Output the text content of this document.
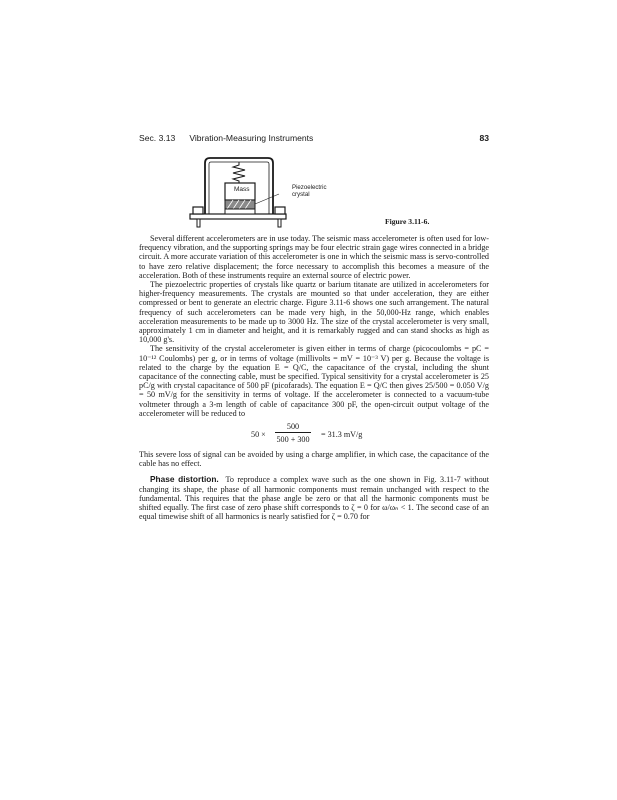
Sec. 3.13 Vibration-Measuring Instruments	83
Mass	Piezoelectric
crystal
Figure 3.11-6.

Several different accelerometers are in use today. The seismic mass accelerometer is often used for low-frequency vibration, and the supporting springs may be four electric strain gage wires connected in a bridge circuit. A more accurate variation of this accelerometer is one in which the seismic mass is servo-controlled to have zero relative displacement; the force necessary to accomplish this becomes a measure of the acceleration. Both of these instruments require an external source of electric power.

The piezoelectric properties of crystals like quartz or barium titanate are utilized in accelerometers for higher-frequency measurements. The crystals are mounted so that under acceleration, they are either compressed or bent to generate an electric charge. Figure 3.11-6 shows one such arrangement. The natural frequency of such accelerometers can be made very high, in the 50,000-Hz range, which enables acceleration measurements to be made up to 3000 Hz. The size of the crystal accelerometer is very small, approximately 1 cm in diameter and height, and it is remarkably rugged and can stand shocks as high as 10,000 g's.

The sensitivity of the crystal accelerometer is given either in terms of charge (picocoulombs = pC = 10⁻¹² Coulombs) per g, or in terms of voltage (millivolts = mV = 10⁻³ V) per g. Because the voltage is related to the charge by the equation E = Q/C, the capacitance of the crystal, including the shunt capacitance of the connecting cable, must be specified. Typical sensitivity for a crystal accelerometer is 25 pC/g with crystal capacitance of 500 pF (picofarads). The equation E = Q/C then gives 25/500 = 0.050 V/g = 50 mV/g for the sensitivity in terms of voltage. If the accelerometer is connected to a vacuum-tube voltmeter through a 3-m length of cable of capacitance 300 pF, the open-circuit output voltage of the accelerometer will be reduced to

50 ×
500
500 + 300
= 31.3 mV/g

This severe loss of signal can be avoided by using a charge amplifier, in which case, the capacitance of the cable has no effect.

Phase distortion. To reproduce a complex wave such as the one shown in Fig. 3.11-7 without changing its shape, the phase of all harmonic components must remain unchanged with respect to the fundamental. This requires that the phase angle be zero or that all the harmonic components must be shifted equally. The first case of zero phase shift corresponds to ζ = 0 for ω/ωₙ < 1. The second case of an equal timewise shift of all harmonics is nearly satisfied for ζ = 0.70 for
